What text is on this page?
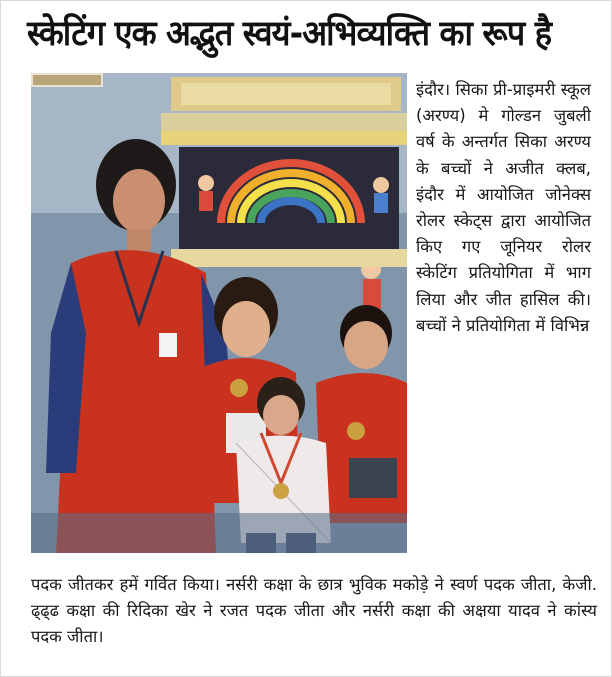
स्केटिंग एक अद्भुत स्वयं-अभिव्यक्ति का रूप है
इंदौर। सिका प्री-प्राइमरी स्कूल (अरण्य) मे गोल्डन जुबली वर्ष के अन्तर्गत सिका अरण्य के बच्चों ने अजीत क्लब, इंदौर में आयोजित जोनेक्स रोलर स्केट्स द्वारा आयोजित किए गए जूनियर रोलर स्केटिंग प्रतियोगिता में भाग लिया और जीत हासिल की। बच्चों ने प्रतियोगिता में विभिन्न
पदक जीतकर हमें गर्वित किया। नर्सरी कक्षा के छात्र भुविक मकोड़े ने स्वर्ण पदक जीता, केजी. ढ्ढ्ढ कक्षा की रिदिका खेर ने रजत पदक जीता और नर्सरी कक्षा की अक्षया यादव ने कांस्य पदक जीता।
